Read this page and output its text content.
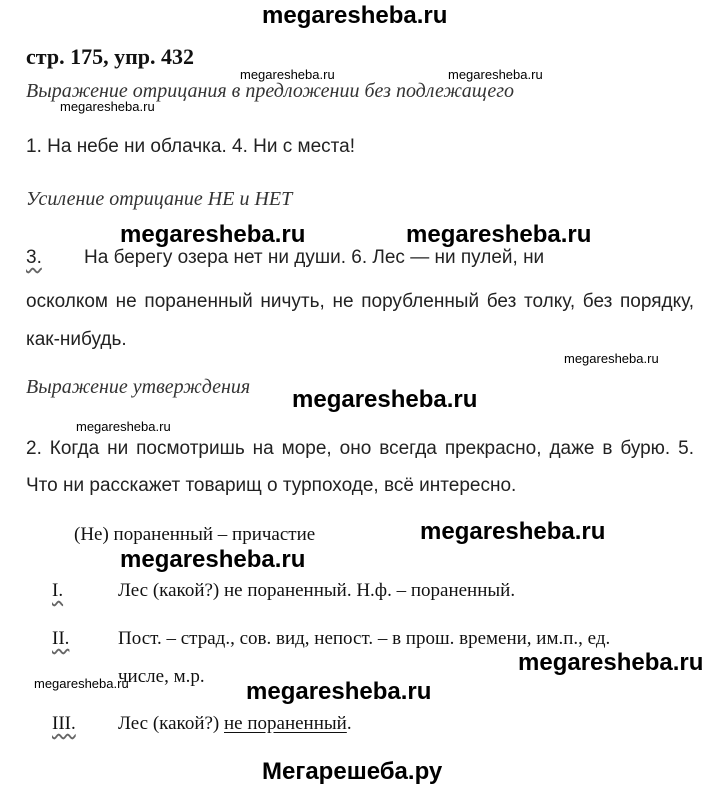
megaresheba.ru
стр. 175, упр. 432
megaresheba.ru	megaresheba.ru
Выражение отрицания в предложении без подлежащего
megaresheba.ru
1. На небе ни облачка. 4. Ни с места!
Усиление отрицание НЕ и НЕТ
megaresheba.ru	megaresheba.ru
3. На берегу озера нет ни души. 6. Лес — ни пулей, ни
осколком не пораненный ничуть, не порубленный без толку, без порядку, как-нибудь.
megaresheba.ru
Выражение утверждения megaresheba.ru
megaresheba.ru
2. Когда ни посмотришь на море, оно всегда прекрасно, даже в бурю. 5. Что ни расскажет товарищ о турпоходе, всё интересно.
(Не) пораненный – причастие	megaresheba.ru
megaresheba.ru
I.	Лес (какой?) не пораненный. Н.ф. – пораненный.
II.	Пост. – страд., сов. вид, непост. – в прош. времени, им.п., ед.
megaresheba.ru
megaresheba.ru
числе, м.р.
megaresheba.ru
III. Лес (какой?) не пораненный.
Мегарешеба.ру
